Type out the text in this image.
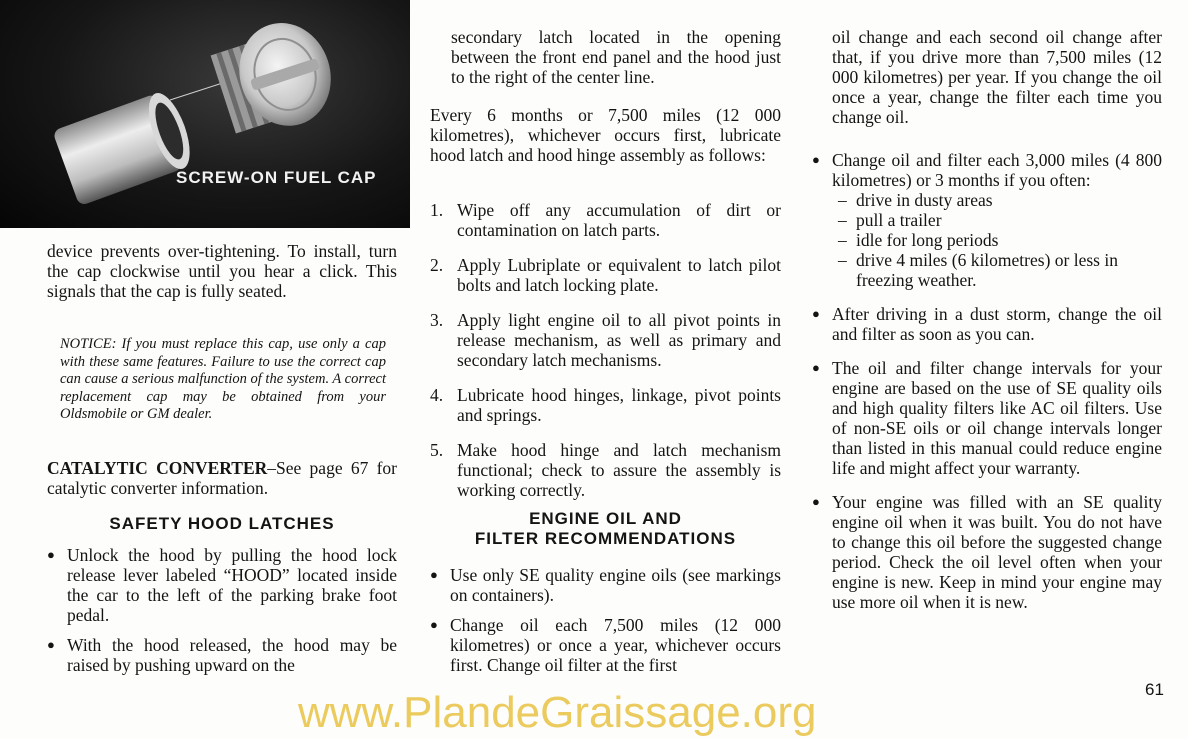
SCREW-ON FUEL CAP

device prevents over-tightening. To install, turn the cap clockwise until you hear a click. This signals that the cap is fully seated.

NOTICE: If you must replace this cap, use only a cap with these same features. Failure to use the correct cap can cause a serious malfunction of the system. A correct replacement cap may be obtained from your Oldsmobile or GM dealer.

CATALYTIC CONVERTER–See page 67 for catalytic converter information.

SAFETY HOOD LATCHES
● Unlock the hood by pulling the hood lock release lever labeled “HOOD” located inside the car to the left of the parking brake foot pedal.
● With the hood released, the hood may be raised by pushing upward on the

secondary latch located in the opening between the front end panel and the hood just to the right of the center line.

Every 6 months or 7,500 miles (12 000 kilometres), whichever occurs first, lubricate hood latch and hood hinge assembly as follows:

1. Wipe off any accumulation of dirt or contamination on latch parts.
2. Apply Lubriplate or equivalent to latch pilot bolts and latch locking plate.
3. Apply light engine oil to all pivot points in release mechanism, as well as primary and secondary latch mechanisms.
4. Lubricate hood hinges, linkage, pivot points and springs.
5. Make hood hinge and latch mechanism functional; check to assure the assembly is working correctly.
ENGINE OIL AND
FILTER RECOMMENDATIONS
● Use only SE quality engine oils (see markings on containers).
● Change oil each 7,500 miles (12 000 kilometres) or once a year, whichever occurs first. Change oil filter at the first

oil change and each second oil change after that, if you drive more than 7,500 miles (12 000 kilometres) per year. If you change the oil once a year, change the filter each time you change oil.

● Change oil and filter each 3,000 miles (4 800 kilometres) or 3 months if you often:
– drive in dusty areas
– pull a trailer
– idle for long periods
– drive 4 miles (6 kilometres) or less in freezing weather.
● After driving in a dust storm, change the oil and filter as soon as you can.
● The oil and filter change intervals for your engine are based on the use of SE quality oils and high quality filters like AC oil filters. Use of non-SE oils or oil change intervals longer than listed in this manual could reduce engine life and might affect your warranty.
● Your engine was filled with an SE quality engine oil when it was built. You do not have to change this oil before the suggested change period. Check the oil level often when your engine is new. Keep in mind your engine may use more oil when it is new.
61
www.PlandeGraissage.org
